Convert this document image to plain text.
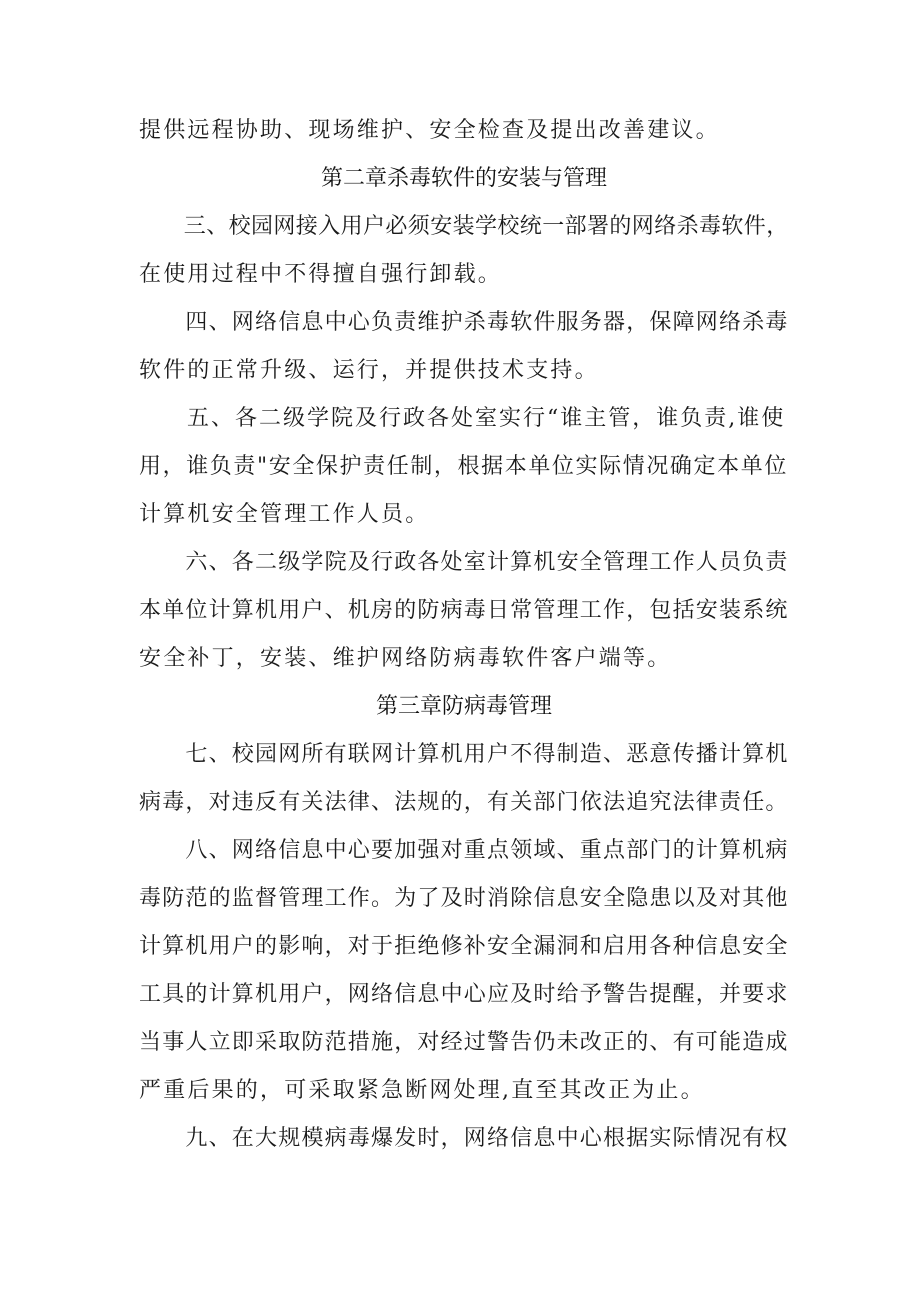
提供远程协助、现场维护、安全检查及提出改善建议。
第二章杀毒软件的安装与管理
　　三、校园网接入用户必须安装学校统一部署的网络杀毒软件，
在使用过程中不得擅自强行卸载。
　　四、网络信息中心负责维护杀毒软件服务器，保障网络杀毒
软件的正常升级、运行，并提供技术支持。
　　五、各二级学院及行政各处室实行“谁主管，谁负责,谁使
用，谁负责"安全保护责任制，根据本单位实际情况确定本单位
计算机安全管理工作人员。
　　六、各二级学院及行政各处室计算机安全管理工作人员负责
本单位计算机用户、机房的防病毒日常管理工作，包括安装系统
安全补丁，安装、维护网络防病毒软件客户端等。
第三章防病毒管理
　　七、校园网所有联网计算机用户不得制造、恶意传播计算机
病毒，对违反有关法律、法规的，有关部门依法追究法律责任。
　　八、网络信息中心要加强对重点领域、重点部门的计算机病
毒防范的监督管理工作。为了及时消除信息安全隐患以及对其他
计算机用户的影响，对于拒绝修补安全漏洞和启用各种信息安全
工具的计算机用户，网络信息中心应及时给予警告提醒，并要求
当事人立即采取防范措施，对经过警告仍未改正的、有可能造成
严重后果的，可采取紧急断网处理,直至其改正为止。
　　九、在大规模病毒爆发时，网络信息中心根据实际情况有权
